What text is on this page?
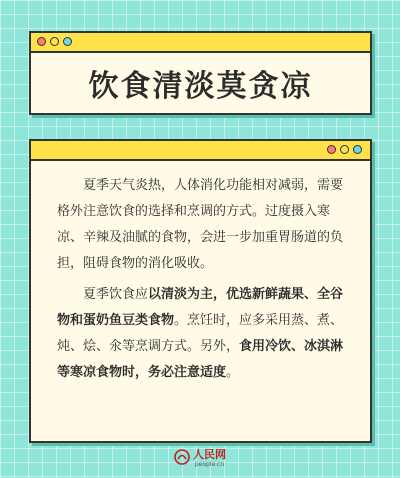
饮食清淡莫贪凉

夏季天气炎热，人体消化功能相对减弱，需要格外注意饮食的选择和烹调的方式。过度摄入寒凉、辛辣及油腻的食物，会进一步加重胃肠道的负担，阻碍食物的消化吸收。

夏季饮食应以清淡为主，优选新鲜蔬果、全谷物和蛋奶鱼豆类食物。烹饪时，应多采用蒸、煮、炖、烩、氽等烹调方式。另外，食用冷饮、冰淇淋等寒凉食物时，务必注意适度。

人民网
people.cn
